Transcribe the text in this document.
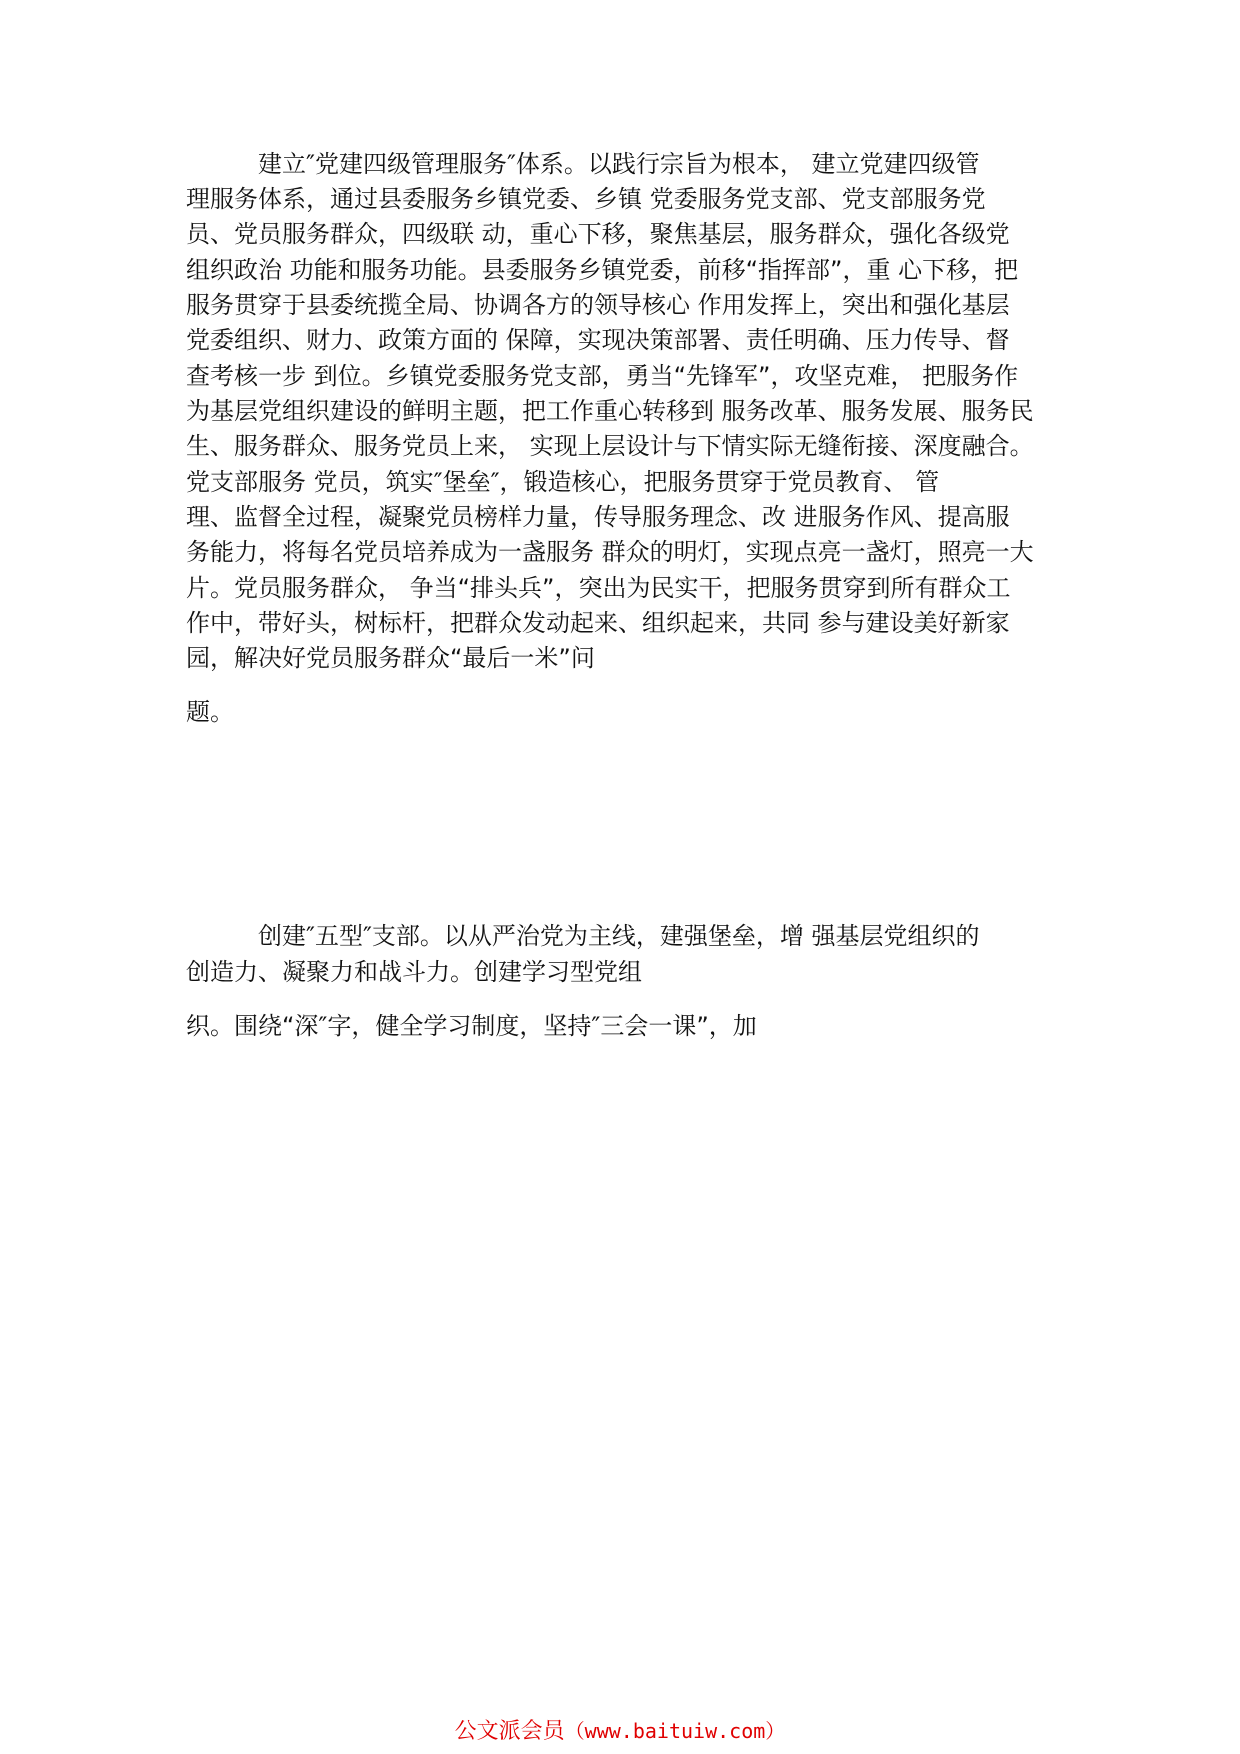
建立″党建四级管理服务″体系。以践行宗旨为根本， 建立党建四级管
理服务体系，通过县委服务乡镇党委、乡镇 党委服务党支部、党支部服务党
员、党员服务群众，四级联 动，重心下移，聚焦基层，服务群众，强化各级党
组织政治 功能和服务功能。县委服务乡镇党委，前移“指挥部”，重 心下移，把
服务贯穿于县委统揽全局、协调各方的领导核心 作用发挥上，突出和强化基层
党委组织、财力、政策方面的 保障，实现决策部署、责任明确、压力传导、督
查考核一步 到位。乡镇党委服务党支部，勇当“先锋军”，攻坚克难， 把服务作
为基层党组织建设的鲜明主题，把工作重心转移到 服务改革、服务发展、服务民
生、服务群众、服务党员上来， 实现上层设计与下情实际无缝衔接、深度融合。
党支部服务 党员，筑实″堡垒″，锻造核心，把服务贯穿于党员教育、 管
理、监督全过程，凝聚党员榜样力量，传导服务理念、改 进服务作风、提高服
务能力，将每名党员培养成为一盏服务 群众的明灯，实现点亮一盏灯，照亮一大
片。党员服务群众， 争当“排头兵”，突出为民实干，把服务贯穿到所有群众工
作中，带好头，树标杆，把群众发动起来、组织起来，共同 参与建设美好新家
园，解决好党员服务群众“最后一米”问
题。
创建″五型″支部。以从严治党为主线，建强堡垒，增 强基层党组织的
创造力、凝聚力和战斗力。创建学习型党组
织。围绕“深″字，健全学习制度，坚持″三会一课”，加
公文派会员（www.baituiw.com）
